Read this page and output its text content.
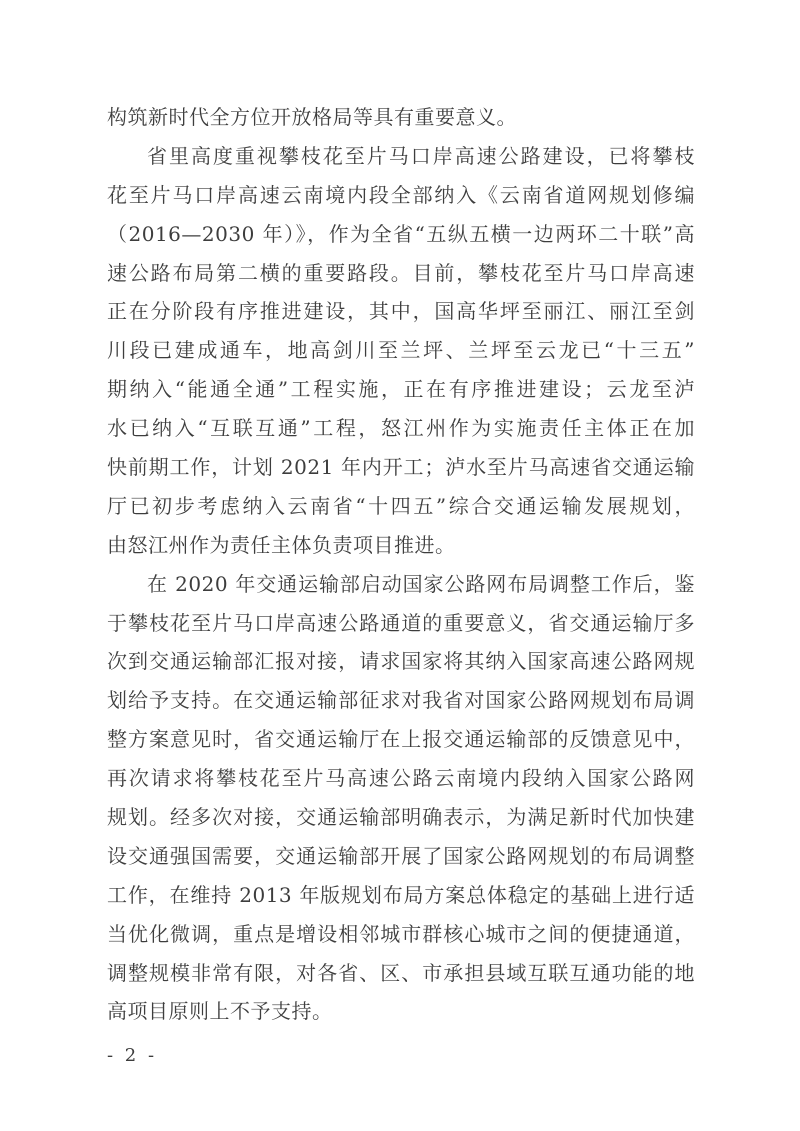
构筑新时代全方位开放格局等具有重要意义。
省里高度重视攀枝花至片马口岸高速公路建设，已将攀枝
花至片马口岸高速云南境内段全部纳入《云南省道网规划修编
（2016—2030 年）》，作为全省“五纵五横一边两环二十联”高
速公路布局第二横的重要路段。目前，攀枝花至片马口岸高速
正在分阶段有序推进建设，其中，国高华坪至丽江、丽江至剑
川段已建成通车，地高剑川至兰坪、兰坪至云龙已“十三五”
期纳入“能通全通”工程实施，正在有序推进建设；云龙至泸
水已纳入“互联互通”工程，怒江州作为实施责任主体正在加
快前期工作，计划 2021 年内开工；泸水至片马高速省交通运输
厅已初步考虑纳入云南省“十四五”综合交通运输发展规划，
由怒江州作为责任主体负责项目推进。
在 2020 年交通运输部启动国家公路网布局调整工作后，鉴
于攀枝花至片马口岸高速公路通道的重要意义，省交通运输厅多
次到交通运输部汇报对接，请求国家将其纳入国家高速公路网规
划给予支持。在交通运输部征求对我省对国家公路网规划布局调
整方案意见时，省交通运输厅在上报交通运输部的反馈意见中，
再次请求将攀枝花至片马高速公路云南境内段纳入国家公路网
规划。经多次对接，交通运输部明确表示，为满足新时代加快建
设交通强国需要，交通运输部开展了国家公路网规划的布局调整
工作，在维持 2013 年版规划布局方案总体稳定的基础上进行适
当优化微调，重点是增设相邻城市群核心城市之间的便捷通道，
调整规模非常有限，对各省、区、市承担县域互联互通功能的地
高项目原则上不予支持。
- 2 -
